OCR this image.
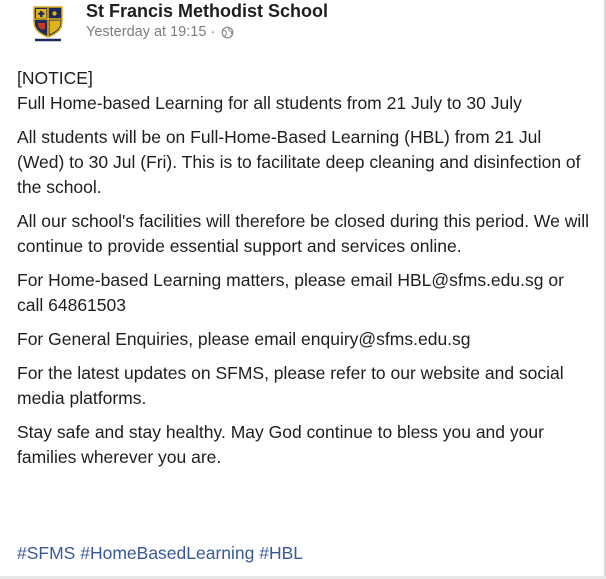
St Francis Methodist School
Yesterday at 19:15 ·

[NOTICE]

Full Home-based Learning for all students from 21 July to 30 July

All students will be on Full-Home-Based Learning (HBL) from 21 Jul (Wed) to 30 Jul (Fri). This is to facilitate deep cleaning and disinfection of the school.

All our school's facilities will therefore be closed during this period. We will continue to provide essential support and services online.

For Home-based Learning matters, please email HBL@sfms.edu.sg or call 64861503

For General Enquiries, please email enquiry@sfms.edu.sg

For the latest updates on SFMS, please refer to our website and social media platforms.

Stay safe and stay healthy. May God continue to bless you and your families wherever you are.

#SFMS #HomeBasedLearning #HBL
